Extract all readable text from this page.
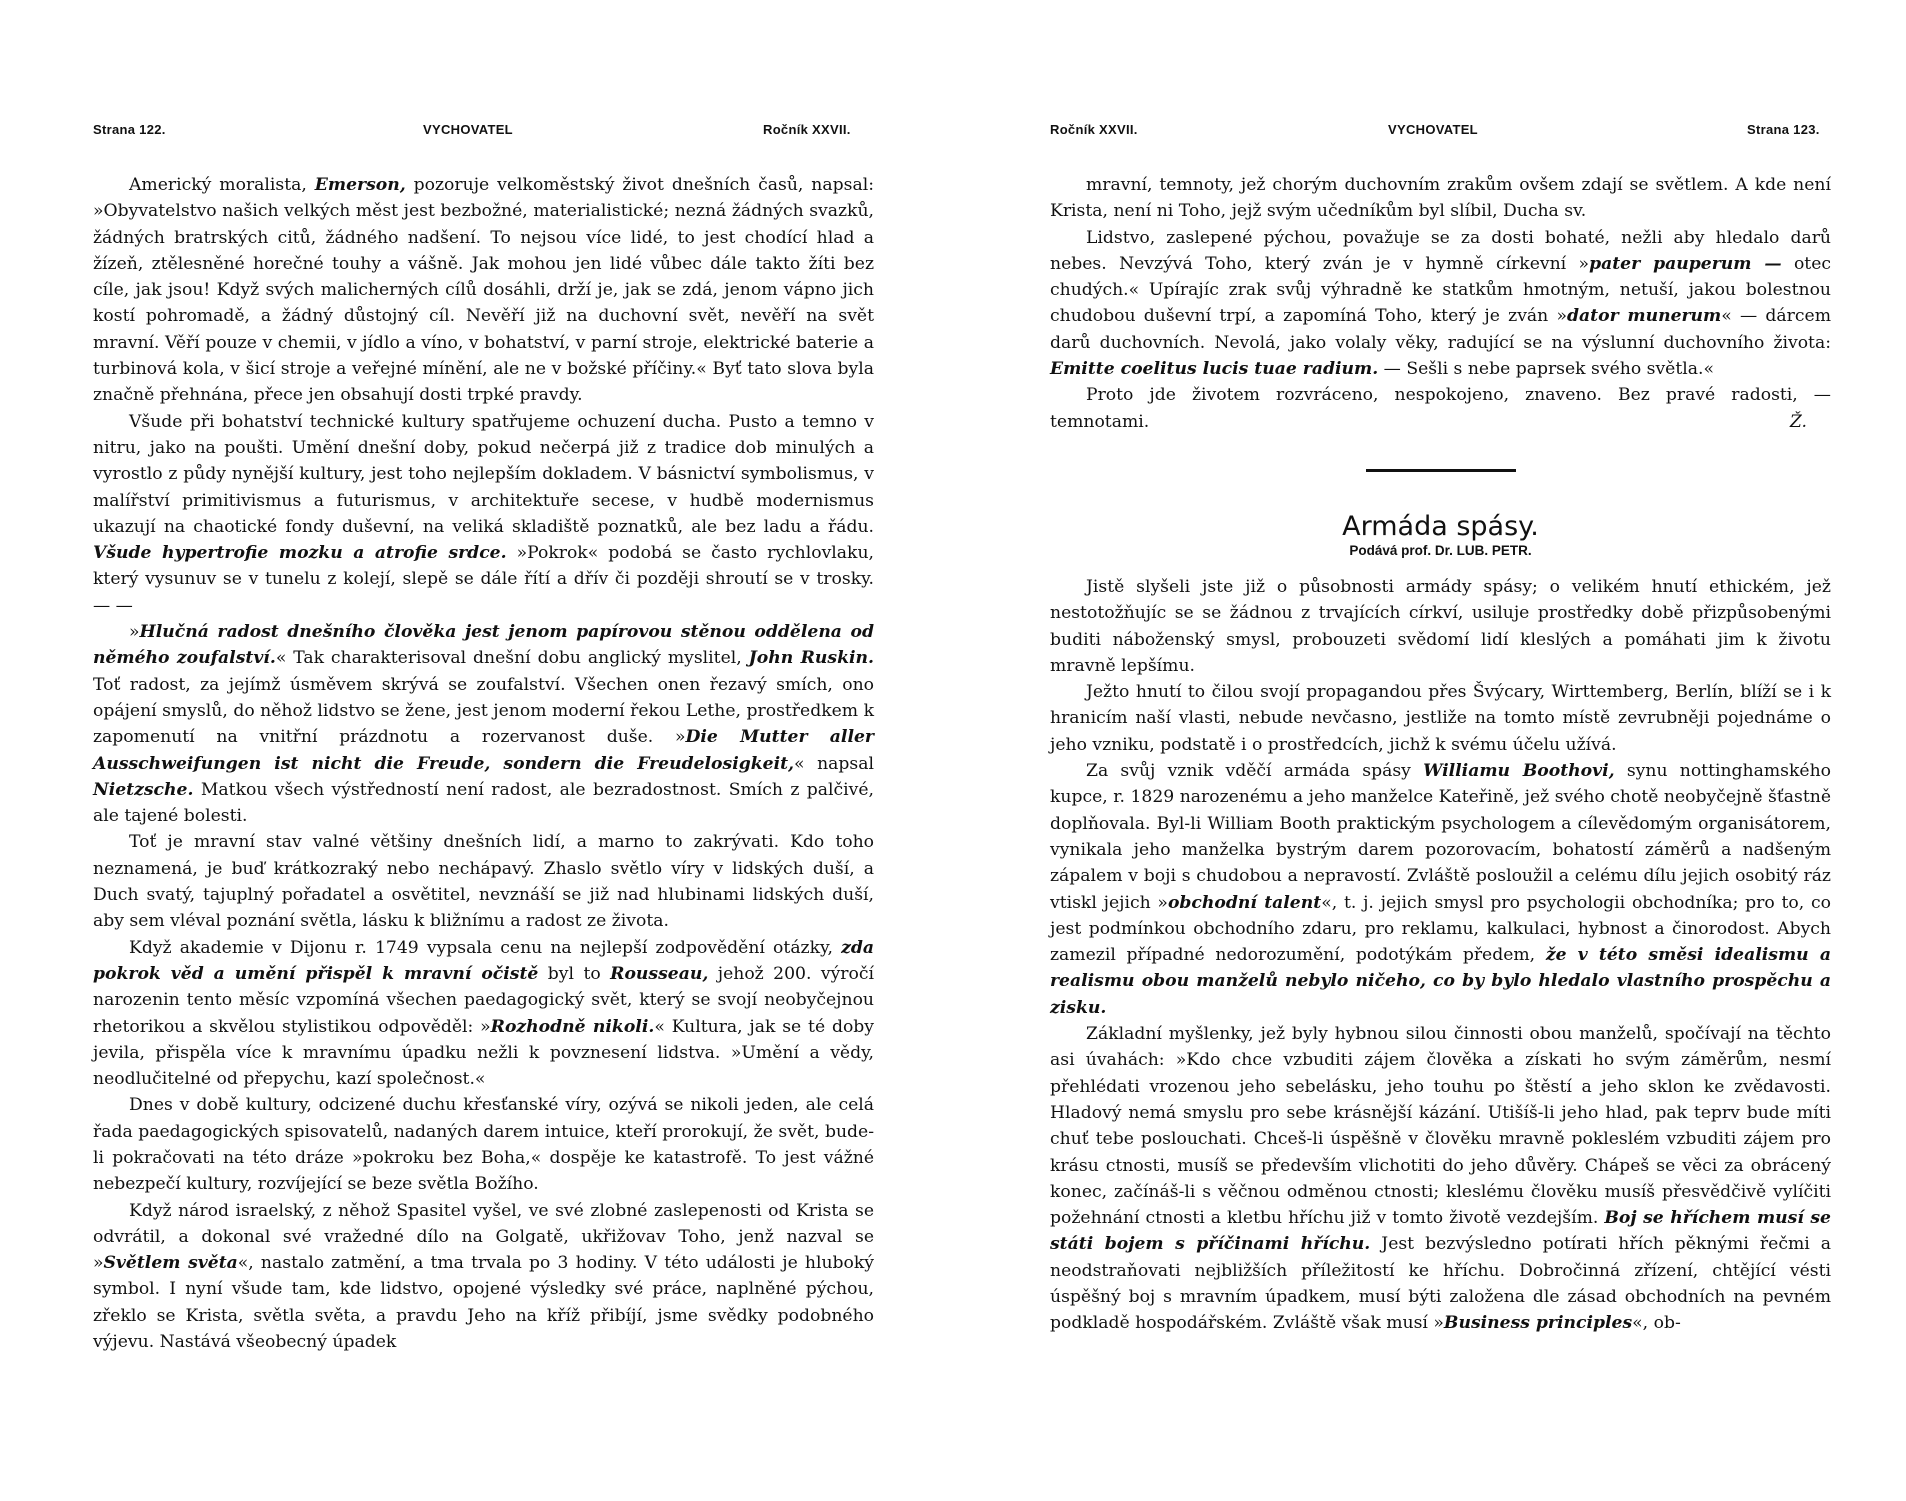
Strana 122.	VYCHOVATEL	Ročník XXVII.

Americký moralista, Emerson, pozoruje velkoměstský život dnešních časů, napsal: »Obyvatelstvo našich velkých měst jest bezbožné, materialistické; nezná žádných svazků, žádných bratrských citů, žádného nadšení. To nejsou více lidé, to jest chodící hlad a žízeň, ztělesněné horečné touhy a vášně. Jak mohou jen lidé vůbec dále takto žíti bez cíle, jak jsou! Když svých malicherných cílů dosáhli, drží je, jak se zdá, jenom vápno jich kostí pohromadě, a žádný důstojný cíl. Nevěří již na duchovní svět, nevěří na svět mravní. Věří pouze v chemii, v jídlo a víno, v bohatství, v parní stroje, elektrické baterie a turbinová kola, v šicí stroje a veřejné mínění, ale ne v božské příčiny.« Byť tato slova byla značně přehnána, přece jen obsahují dosti trpké pravdy.

Všude při bohatství technické kultury spatřujeme ochuzení ducha. Pusto a temno v nitru, jako na poušti. Umění dnešní doby, pokud nečerpá již z tradice dob minulých a vyrostlo z půdy nynější kultury, jest toho nejlepším dokladem. V básnictví symbolismus, v malířství primitivismus a futurismus, v architektuře secese, v hudbě modernismus ukazují na chaotické fondy duševní, na veliká skladiště poznatků, ale bez ladu a řádu. Všude hypertrofie mozku a atrofie srdce. »Pokrok« podobá se často rychlovlaku, který vysunuv se v tunelu z kolejí, slepě se dále řítí a dřív či později shroutí se v trosky. — —

»Hlučná radost dnešního člověka jest jenom papírovou stěnou oddělena od němého zoufalství.« Tak charakterisoval dnešní dobu anglický myslitel, John Ruskin. Toť radost, za jejímž úsměvem skrývá se zoufalství. Všechen onen řezavý smích, ono opájení smyslů, do něhož lidstvo se žene, jest jenom moderní řekou Lethe, prostředkem k zapomenutí na vnitřní prázdnotu a rozervanost duše. »Die Mutter aller Ausschweifungen ist nicht die Freude, sondern die Freudelosigkeit,« napsal Nietzsche. Matkou všech výstředností není radost, ale bezradostnost. Smích z palčivé, ale tajené bolesti.

Toť je mravní stav valné většiny dnešních lidí, a marno to zakrývati. Kdo toho neznamená, je buď krátkozraký nebo nechápavý. Zhaslo světlo víry v lidských duší, a Duch svatý, tajuplný pořadatel a osvětitel, nevznáší se již nad hlubinami lidských duší, aby sem vléval poznání světla, lásku k bližnímu a radost ze života.

Když akademie v Dijonu r. 1749 vypsala cenu na nejlepší zodpovědění otázky, zda pokrok věd a umění přispěl k mravní očistě byl to Rousseau, jehož 200. výročí narozenin tento měsíc vzpomíná všechen paedagogický svět, který se svojí neobyčejnou rhetorikou a skvělou stylistikou odpověděl: »Rozhodně nikoli.« Kultura, jak se té doby jevila, přispěla více k mravnímu úpadku nežli k povznesení lidstva. »Umění a vědy, neodlučitelné od přepychu, kazí společnost.«

Dnes v době kultury, odcizené duchu křesťanské víry, ozývá se nikoli jeden, ale celá řada paedagogických spisovatelů, nadaných darem intuice, kteří prorokují, že svět, bude-li pokračovati na této dráze »pokroku bez Boha,« dospěje ke katastrofě. To jest vážné nebezpečí kultury, rozvíjející se beze světla Božího.

Když národ israelský, z něhož Spasitel vyšel, ve své zlobné zaslepenosti od Krista se odvrátil, a dokonal své vražedné dílo na Golgatě, ukřižovav Toho, jenž nazval se »Světlem světa«, nastalo zatmění, a tma trvala po 3 hodiny. V této události je hluboký symbol. I nyní všude tam, kde lidstvo, opojené výsledky své práce, naplněné pýchou, zřeklo se Krista, světla světa, a pravdu Jeho na kříž přibíjí, jsme svědky podobného výjevu. Nastává všeobecný úpadek

Ročník XXVII.	VYCHOVATEL	Strana 123.

mravní, temnoty, jež chorým duchovním zrakům ovšem zdají se světlem. A kde není Krista, není ni Toho, jejž svým učedníkům byl slíbil, Ducha sv.

Lidstvo, zaslepené pýchou, považuje se za dosti bohaté, nežli aby hledalo darů nebes. Nevzývá Toho, který zván je v hymně církevní »pater pauperum — otec chudých.« Upírajíc zrak svůj výhradně ke statkům hmotným, netuší, jakou bolestnou chudobou duševní trpí, a zapomíná Toho, který je zván »dator munerum« — dárcem darů duchovních. Nevolá, jako volaly věky, radující se na výslunní duchovního života: Emitte coelitus lucis tuae radium. — Sešli s nebe paprsek svého světla.«

Proto jde životem rozvráceno, nespokojeno, znaveno. Bez pravé radosti, — temnotami.	Ž.
Armáda spásy.
Podává prof. Dr. LUB. PETR.

Jistě slyšeli jste již o působnosti armády spásy; o velikém hnutí ethickém, jež nestotožňujíc se se žádnou z trvajících církví, usiluje prostředky době přizpůsobenými buditi náboženský smysl, probouzeti svědomí lidí kleslých a pomáhati jim k životu mravně lepšímu.

Ježto hnutí to čilou svojí propagandou přes Švýcary, Wirttemberg, Berlín, blíží se i k hranicím naší vlasti, nebude nevčasno, jestliže na tomto místě zevrubněji pojednáme o jeho vzniku, podstatě i o prostředcích, jichž k svému účelu užívá.

Za svůj vznik vděčí armáda spásy Williamu Boothovi, synu nottinghamského kupce, r. 1829 narozenému a jeho manželce Kateřině, jež svého chotě neobyčejně šťastně doplňovala. Byl-li William Booth praktickým psychologem a cílevědomým organisátorem, vynikala jeho manželka bystrým darem pozorovacím, bohatostí záměrů a nadšeným zápalem v boji s chudobou a nepravostí. Zvláště posloužil a celému dílu jejich osobitý ráz vtiskl jejich »obchodní talent«, t. j. jejich smysl pro psychologii obchodníka; pro to, co jest podmínkou obchodního zdaru, pro reklamu, kalkulaci, hybnost a činorodost. Abych zamezil případné nedorozumění, podotýkám předem, že v této směsi idealismu a realismu obou manželů nebylo ničeho, co by bylo hledalo vlastního prospěchu a zisku.

Základní myšlenky, jež byly hybnou silou činnosti obou manželů, spočívají na těchto asi úvahách: »Kdo chce vzbuditi zájem člověka a získati ho svým záměrům, nesmí přehlédati vrozenou jeho sebelásku, jeho touhu po štěstí a jeho sklon ke zvědavosti. Hladový nemá smyslu pro sebe krásnější kázání. Utišíš-li jeho hlad, pak teprv bude míti chuť tebe poslouchati. Chceš-li úspěšně v člověku mravně pokleslém vzbuditi zájem pro krásu ctnosti, musíš se především vlichotiti do jeho důvěry. Chápeš se věci za obrácený konec, začínáš-li s věčnou odměnou ctnosti; kleslému člověku musíš přesvědčivě vylíčiti požehnání ctnosti a kletbu hříchu již v tomto životě vezdejším. Boj se hříchem musí se státi bojem s příčinami hříchu. Jest bezvýsledno potírati hřích pěknými řečmi a neodstraňovati nejbližších příležitostí ke hříchu. Dobročinná zřízení, chtějící vésti úspěšný boj s mravním úpadkem, musí býti založena dle zásad obchodních na pevném podkladě hospodářském. Zvláště však musí »Business principles«, ob-
